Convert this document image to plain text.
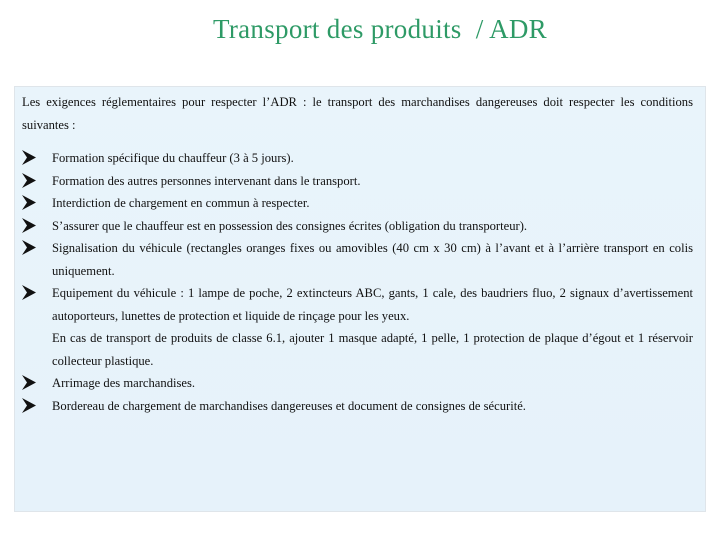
Transport des produits  / ADR

Les exigences réglementaires pour respecter l’ADR : le transport des marchandises dangereuses doit respecter les conditions suivantes :

Formation spécifique du chauffeur (3 à 5 jours).
Formation des autres personnes intervenant dans le transport.
Interdiction de chargement en commun à respecter.
S’assurer que le chauffeur est en possession des consignes écrites (obligation du transporteur).
Signalisation du véhicule (rectangles oranges fixes ou amovibles (40 cm x 30 cm) à l’avant et à l’arrière transport en colis uniquement.
Equipement du véhicule : 1 lampe de poche, 2 extincteurs ABC, gants, 1 cale, des baudriers fluo, 2 signaux d’avertissement autoporteurs, lunettes de protection et liquide de rinçage pour les yeux.
En cas de transport de produits de classe 6.1, ajouter 1 masque adapté, 1 pelle, 1 protection de plaque d’égout et 1 réservoir collecteur plastique.
Arrimage des marchandises.
Bordereau de chargement de marchandises dangereuses et document de consignes de sécurité.
